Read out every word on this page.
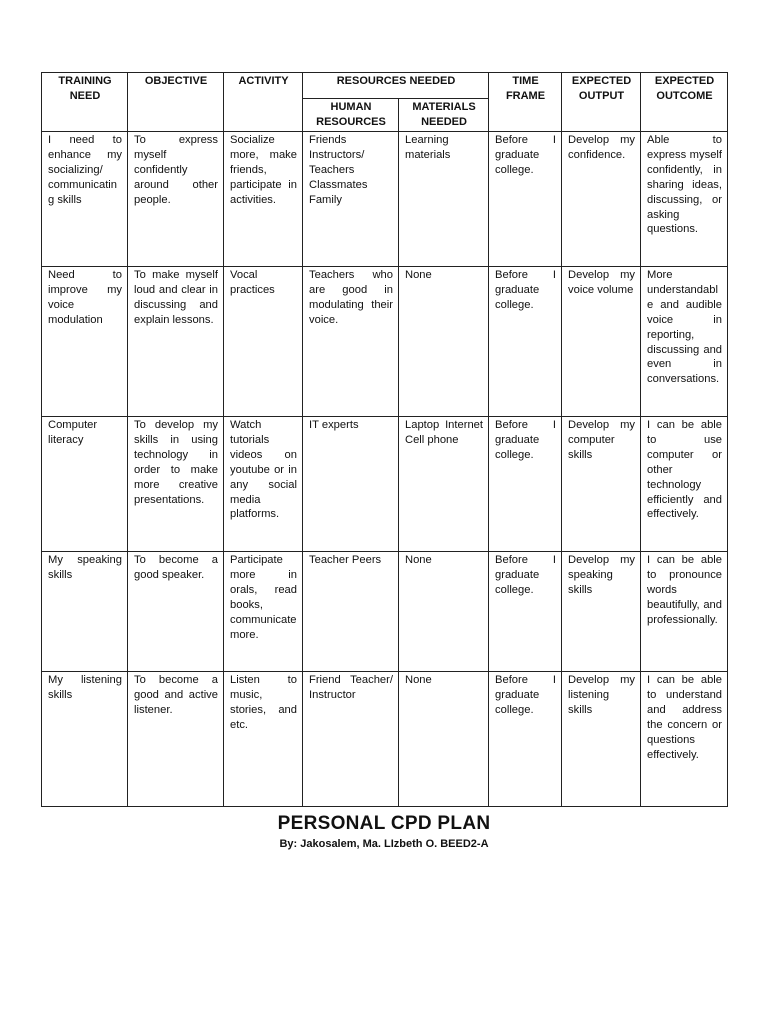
TRAINING NEED	OBJECTIVE	ACTIVITY	RESOURCES NEEDED		TIME FRAME	EXPECTED OUTPUT	EXPECTED OUTCOME
			HUMAN RESOURCES	MATERIALS NEEDED			
I need to enhance my socializing/ communicating skills	To express myself confidently around other people.	Socialize more, make friends, participate in activities.	Friends Instructors/ Teachers Classmates Family	Learning materials	Before I graduate college.	Develop my confidence.	Able to express myself confidently, in sharing ideas, discussing, or asking questions.
Need to improve my voice modulation	To make myself loud and clear in discussing and explain lessons.	Vocal practices	Teachers who are good in modulating their voice.	None	Before I graduate college.	Develop my voice volume	More understandable and audible voice in reporting, discussing and even in conversations.
Computer literacy	To develop my skills in using technology in order to make more creative presentations.	Watch tutorials videos on youtube or in any social media platforms.	IT experts	Laptop Internet Cell phone	Before I graduate college.	Develop my computer skills	I can be able to use computer or other technology efficiently and effectively.
My speaking skills	To become a good speaker.	Participate more in orals, read books, communicate more.	Teacher Peers	None	Before I graduate college.	Develop my speaking skills	I can be able to pronounce words beautifully, and professionally.
My listening skills	To become a good and active listener.	Listen to music, stories, and etc.	Friend Teacher/ Instructor	None	Before I graduate college.	Develop my listening skills	I can be able to understand and address the concern or questions effectively.
PERSONAL CPD PLAN
By: Jakosalem, Ma. LIzbeth O. BEED2-A
